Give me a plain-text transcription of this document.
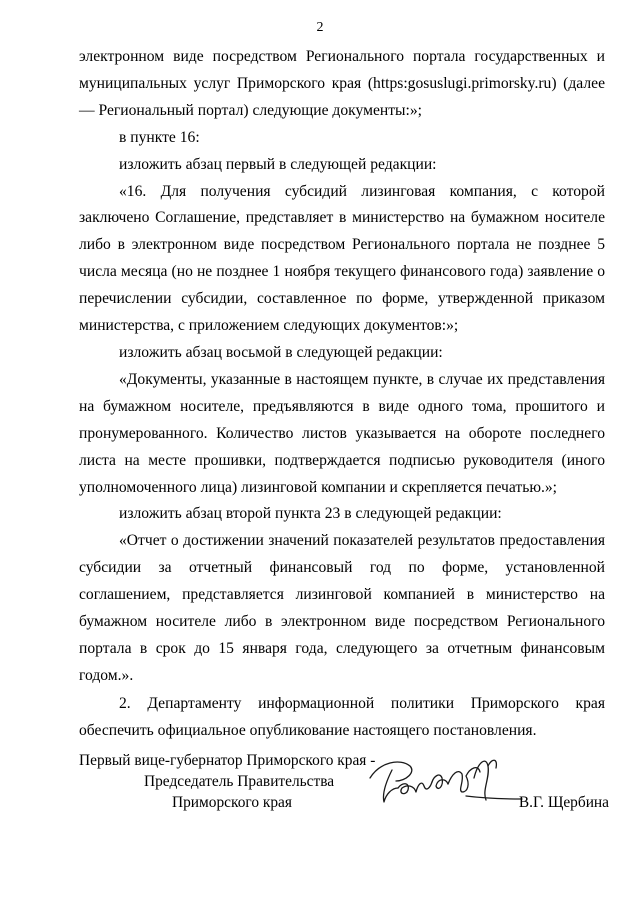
2

электронном виде посредством Регионального портала государственных и муниципальных услуг Приморского края (https:gosuslugi.primorsky.ru) (далее — Региональный портал) следующие документы:»;

в пункте 16:

изложить абзац первый в следующей редакции:

«16. Для получения субсидий лизинговая компания, с которой заключено Соглашение, представляет в министерство на бумажном носителе либо в электронном виде посредством Регионального портала не позднее 5 числа месяца (но не позднее 1 ноября текущего финансового года) заявление о перечислении субсидии, составленное по форме, утвержденной приказом министерства, с приложением следующих документов:»;

изложить абзац восьмой в следующей редакции:

«Документы, указанные в настоящем пункте, в случае их представления на бумажном носителе, предъявляются в виде одного тома, прошитого и пронумерованного. Количество листов указывается на обороте последнего листа на месте прошивки, подтверждается подписью руководителя (иного уполномоченного лица) лизинговой компании и скрепляется печатью.»;

изложить абзац второй пункта 23 в следующей редакции:

«Отчет о достижении значений показателей результатов предоставления субсидии за отчетный финансовый год по форме, установленной соглашением, представляется лизинговой компанией в министерство на бумажном носителе либо в электронном виде посредством Регионального портала в срок до 15 января года, следующего за отчетным финансовым годом.».

2. Департаменту информационной политики Приморского края обеспечить официальное опубликование настоящего постановления.

Первый вице-губернатор Приморского края -
Председатель Правительства
Приморского края	В.Г. Щербина
